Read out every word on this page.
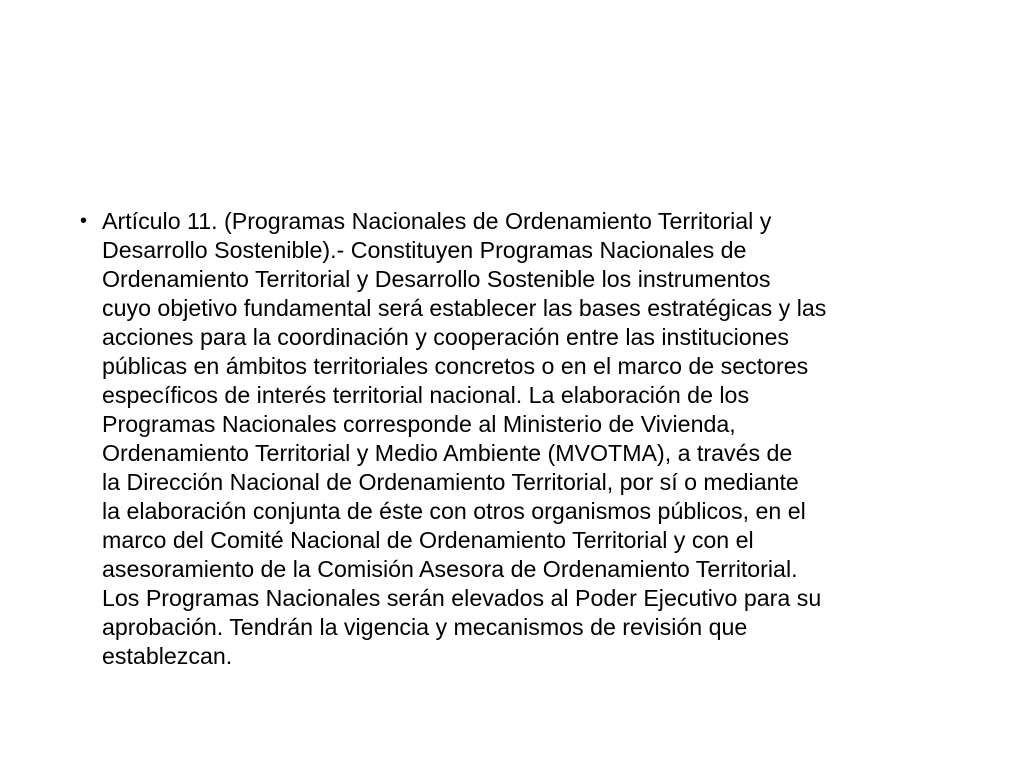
• Artículo 11. (Programas Nacionales de Ordenamiento Territorial y
Desarrollo Sostenible).- Constituyen Programas Nacionales de
Ordenamiento Territorial y Desarrollo Sostenible los instrumentos
cuyo objetivo fundamental será establecer las bases estratégicas y las
acciones para la coordinación y cooperación entre las instituciones
públicas en ámbitos territoriales concretos o en el marco de sectores
específicos de interés territorial nacional. La elaboración de los
Programas Nacionales corresponde al Ministerio de Vivienda,
Ordenamiento Territorial y Medio Ambiente (MVOTMA), a través de
la Dirección Nacional de Ordenamiento Territorial, por sí o mediante
la elaboración conjunta de éste con otros organismos públicos, en el
marco del Comité Nacional de Ordenamiento Territorial y con el
asesoramiento de la Comisión Asesora de Ordenamiento Territorial.
Los Programas Nacionales serán elevados al Poder Ejecutivo para su
aprobación. Tendrán la vigencia y mecanismos de revisión que
establezcan.
